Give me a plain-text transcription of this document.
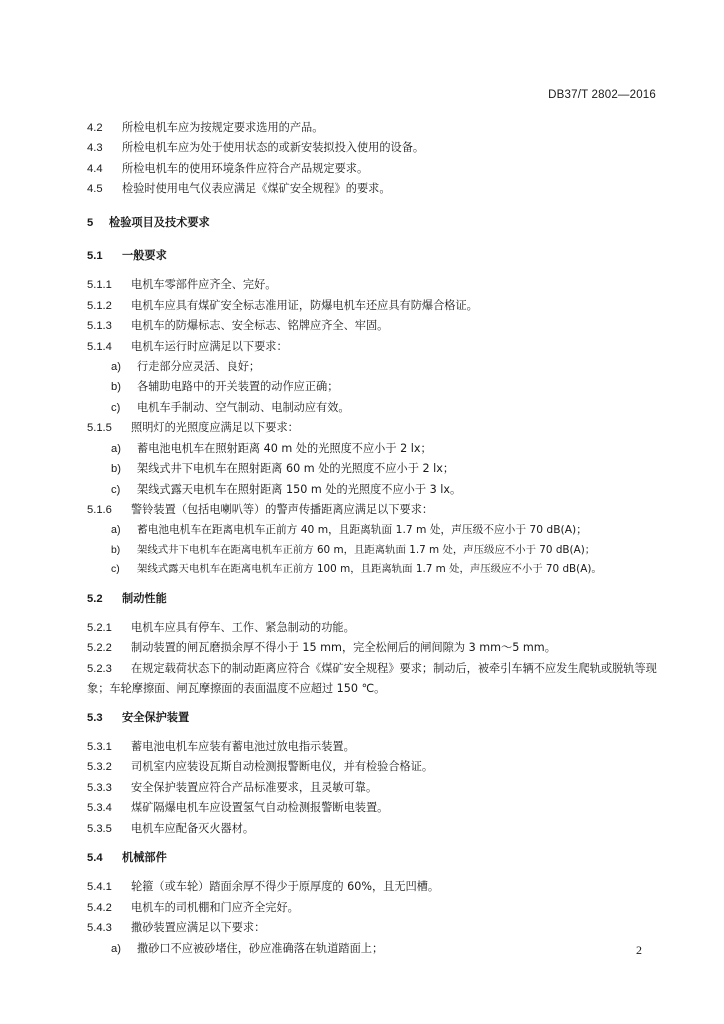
DB37/T 2802—2016
4.2 所检电机车应为按规定要求选用的产品。
4.3 所检电机车应为处于使用状态的或新安装拟投入使用的设备。
4.4 所检电机车的使用环境条件应符合产品规定要求。
4.5 检验时使用电气仪表应满足《煤矿安全规程》的要求。
5 检验项目及技术要求
5.1 一般要求
5.1.1 电机车零部件应齐全、完好。
5.1.2 电机车应具有煤矿安全标志准用证，防爆电机车还应具有防爆合格证。
5.1.3 电机车的防爆标志、安全标志、铭牌应齐全、牢固。
5.1.4 电机车运行时应满足以下要求：
a) 行走部分应灵活、良好；
b) 各辅助电路中的开关装置的动作应正确；
c) 电机车手制动、空气制动、电制动应有效。
5.1.5 照明灯的光照度应满足以下要求：
a) 蓄电池电机车在照射距离 40 m 处的光照度不应小于 2 lx；
b) 架线式井下电机车在照射距离 60 m 处的光照度不应小于 2 lx；
c) 架线式露天电机车在照射距离 150 m 处的光照度不应小于 3 lx。
5.1.6 警铃装置（包括电喇叭等）的警声传播距离应满足以下要求：
a) 蓄电池电机车在距离电机车正前方 40 m，且距离轨面 1.7 m 处，声压级不应小于 70 dB(A)；
b) 架线式井下电机车在距离电机车正前方 60 m，且距离轨面 1.7 m 处，声压级应不小于 70 dB(A)；
c) 架线式露天电机车在距离电机车正前方 100 m，且距离轨面 1.7 m 处，声压级应不小于 70 dB(A)。
5.2 制动性能
5.2.1 电机车应具有停车、工作、紧急制动的功能。
5.2.2 制动装置的闸瓦磨损余厚不得小于 15 mm，完全松闸后的闸间隙为 3 mm～5 mm。
5.2.3 在规定载荷状态下的制动距离应符合《煤矿安全规程》要求；制动后，被牵引车辆不应发生爬轨或脱轨等现象；车轮摩擦面、闸瓦摩擦面的表面温度不应超过 150 ℃。
5.3 安全保护装置
5.3.1 蓄电池电机车应装有蓄电池过放电指示装置。
5.3.2 司机室内应装设瓦斯自动检测报警断电仪，并有检验合格证。
5.3.3 安全保护装置应符合产品标准要求，且灵敏可靠。
5.3.4 煤矿隔爆电机车应设置氢气自动检测报警断电装置。
5.3.5 电机车应配备灭火器材。
5.4 机械部件
5.4.1 轮箍（或车轮）踏面余厚不得少于原厚度的 60%，且无凹槽。
5.4.2 电机车的司机棚和门应齐全完好。
5.4.3 撒砂装置应满足以下要求：
a) 撒砂口不应被砂堵住，砂应准确落在轨道踏面上；	2
